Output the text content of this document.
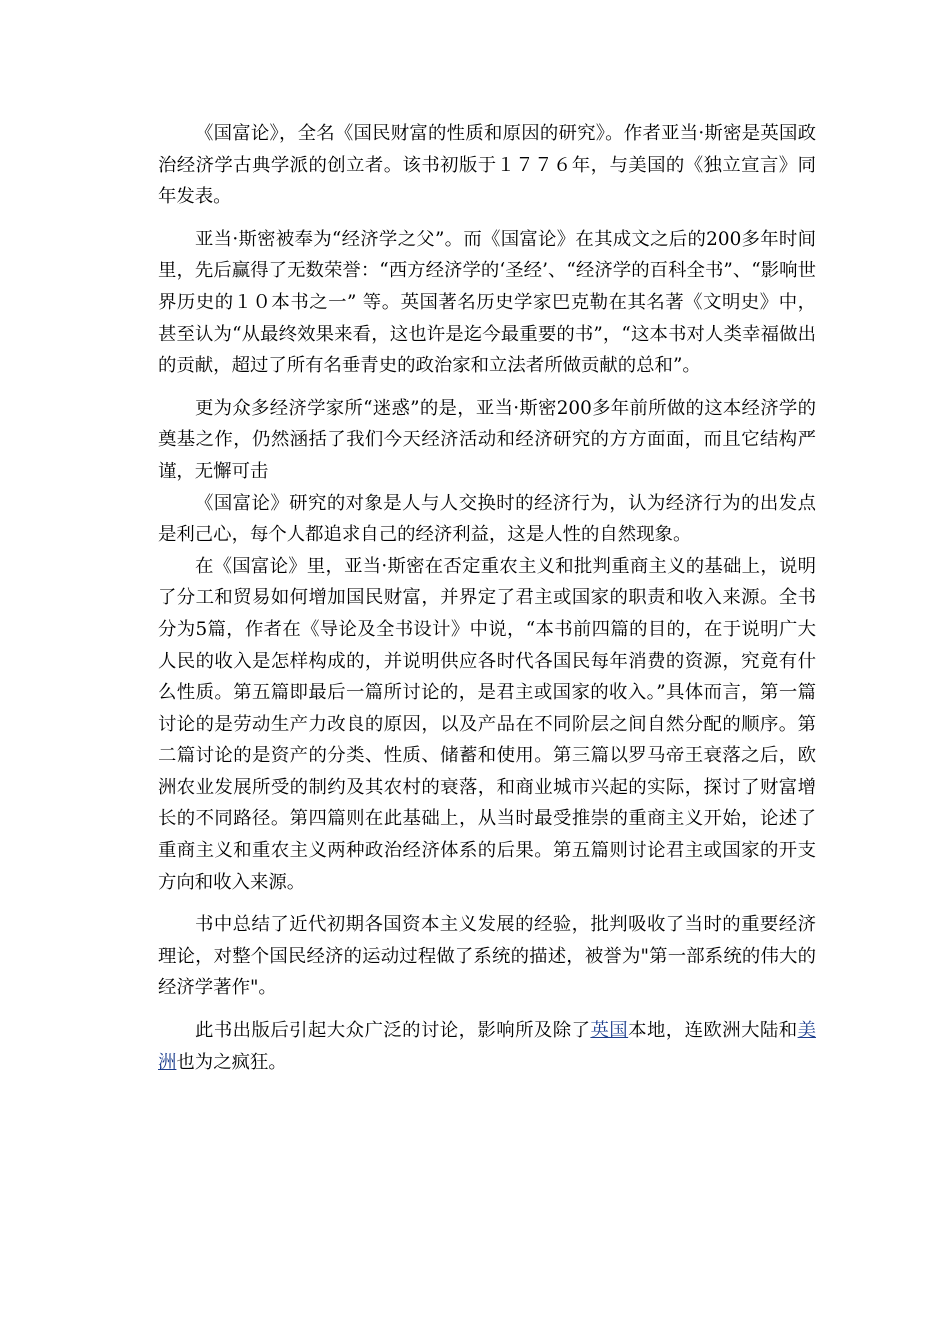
《国富论》，全名《国民财富的性质和原因的研究》。作者亚当·斯密是英国政治经济学古典学派的创立者。该书初版于１７７６年，与美国的《独立宣言》同年发表。

亚当·斯密被奉为“经济学之父”。而《国富论》在其成文之后的200多年时间里，先后赢得了无数荣誉：“西方经济学的‘圣经’、“经济学的百科全书”、“影响世界历史的１０本书之一” 等。英国著名历史学家巴克勒在其名著《文明史》中，甚至认为“从最终效果来看，这也许是迄今最重要的书”，“这本书对人类幸福做出的贡献，超过了所有名垂青史的政治家和立法者所做贡献的总和”。

更为众多经济学家所“迷惑”的是，亚当·斯密200多年前所做的这本经济学的奠基之作，仍然涵括了我们今天经济活动和经济研究的方方面面，而且它结构严谨，无懈可击

《国富论》研究的对象是人与人交换时的经济行为，认为经济行为的出发点是利己心，每个人都追求自己的经济利益，这是人性的自然现象。

在《国富论》里，亚当·斯密在否定重农主义和批判重商主义的基础上，说明了分工和贸易如何增加国民财富，并界定了君主或国家的职责和收入来源。全书分为5篇，作者在《导论及全书设计》中说，“本书前四篇的目的，在于说明广大人民的收入是怎样构成的，并说明供应各时代各国民每年消费的资源，究竟有什么性质。第五篇即最后一篇所讨论的，是君主或国家的收入。”具体而言，第一篇讨论的是劳动生产力改良的原因，以及产品在不同阶层之间自然分配的顺序。第二篇讨论的是资产的分类、性质、储蓄和使用。第三篇以罗马帝王衰落之后，欧洲农业发展所受的制约及其农村的衰落，和商业城市兴起的实际，探讨了财富增长的不同路径。第四篇则在此基础上，从当时最受推崇的重商主义开始，论述了重商主义和重农主义两种政治经济体系的后果。第五篇则讨论君主或国家的开支方向和收入来源。

书中总结了近代初期各国资本主义发展的经验，批判吸收了当时的重要经济理论，对整个国民经济的运动过程做了系统的描述，被誉为"第一部系统的伟大的经济学著作"。

此书出版后引起大众广泛的讨论，影响所及除了英国本地，连欧洲大陆和美洲也为之疯狂。
